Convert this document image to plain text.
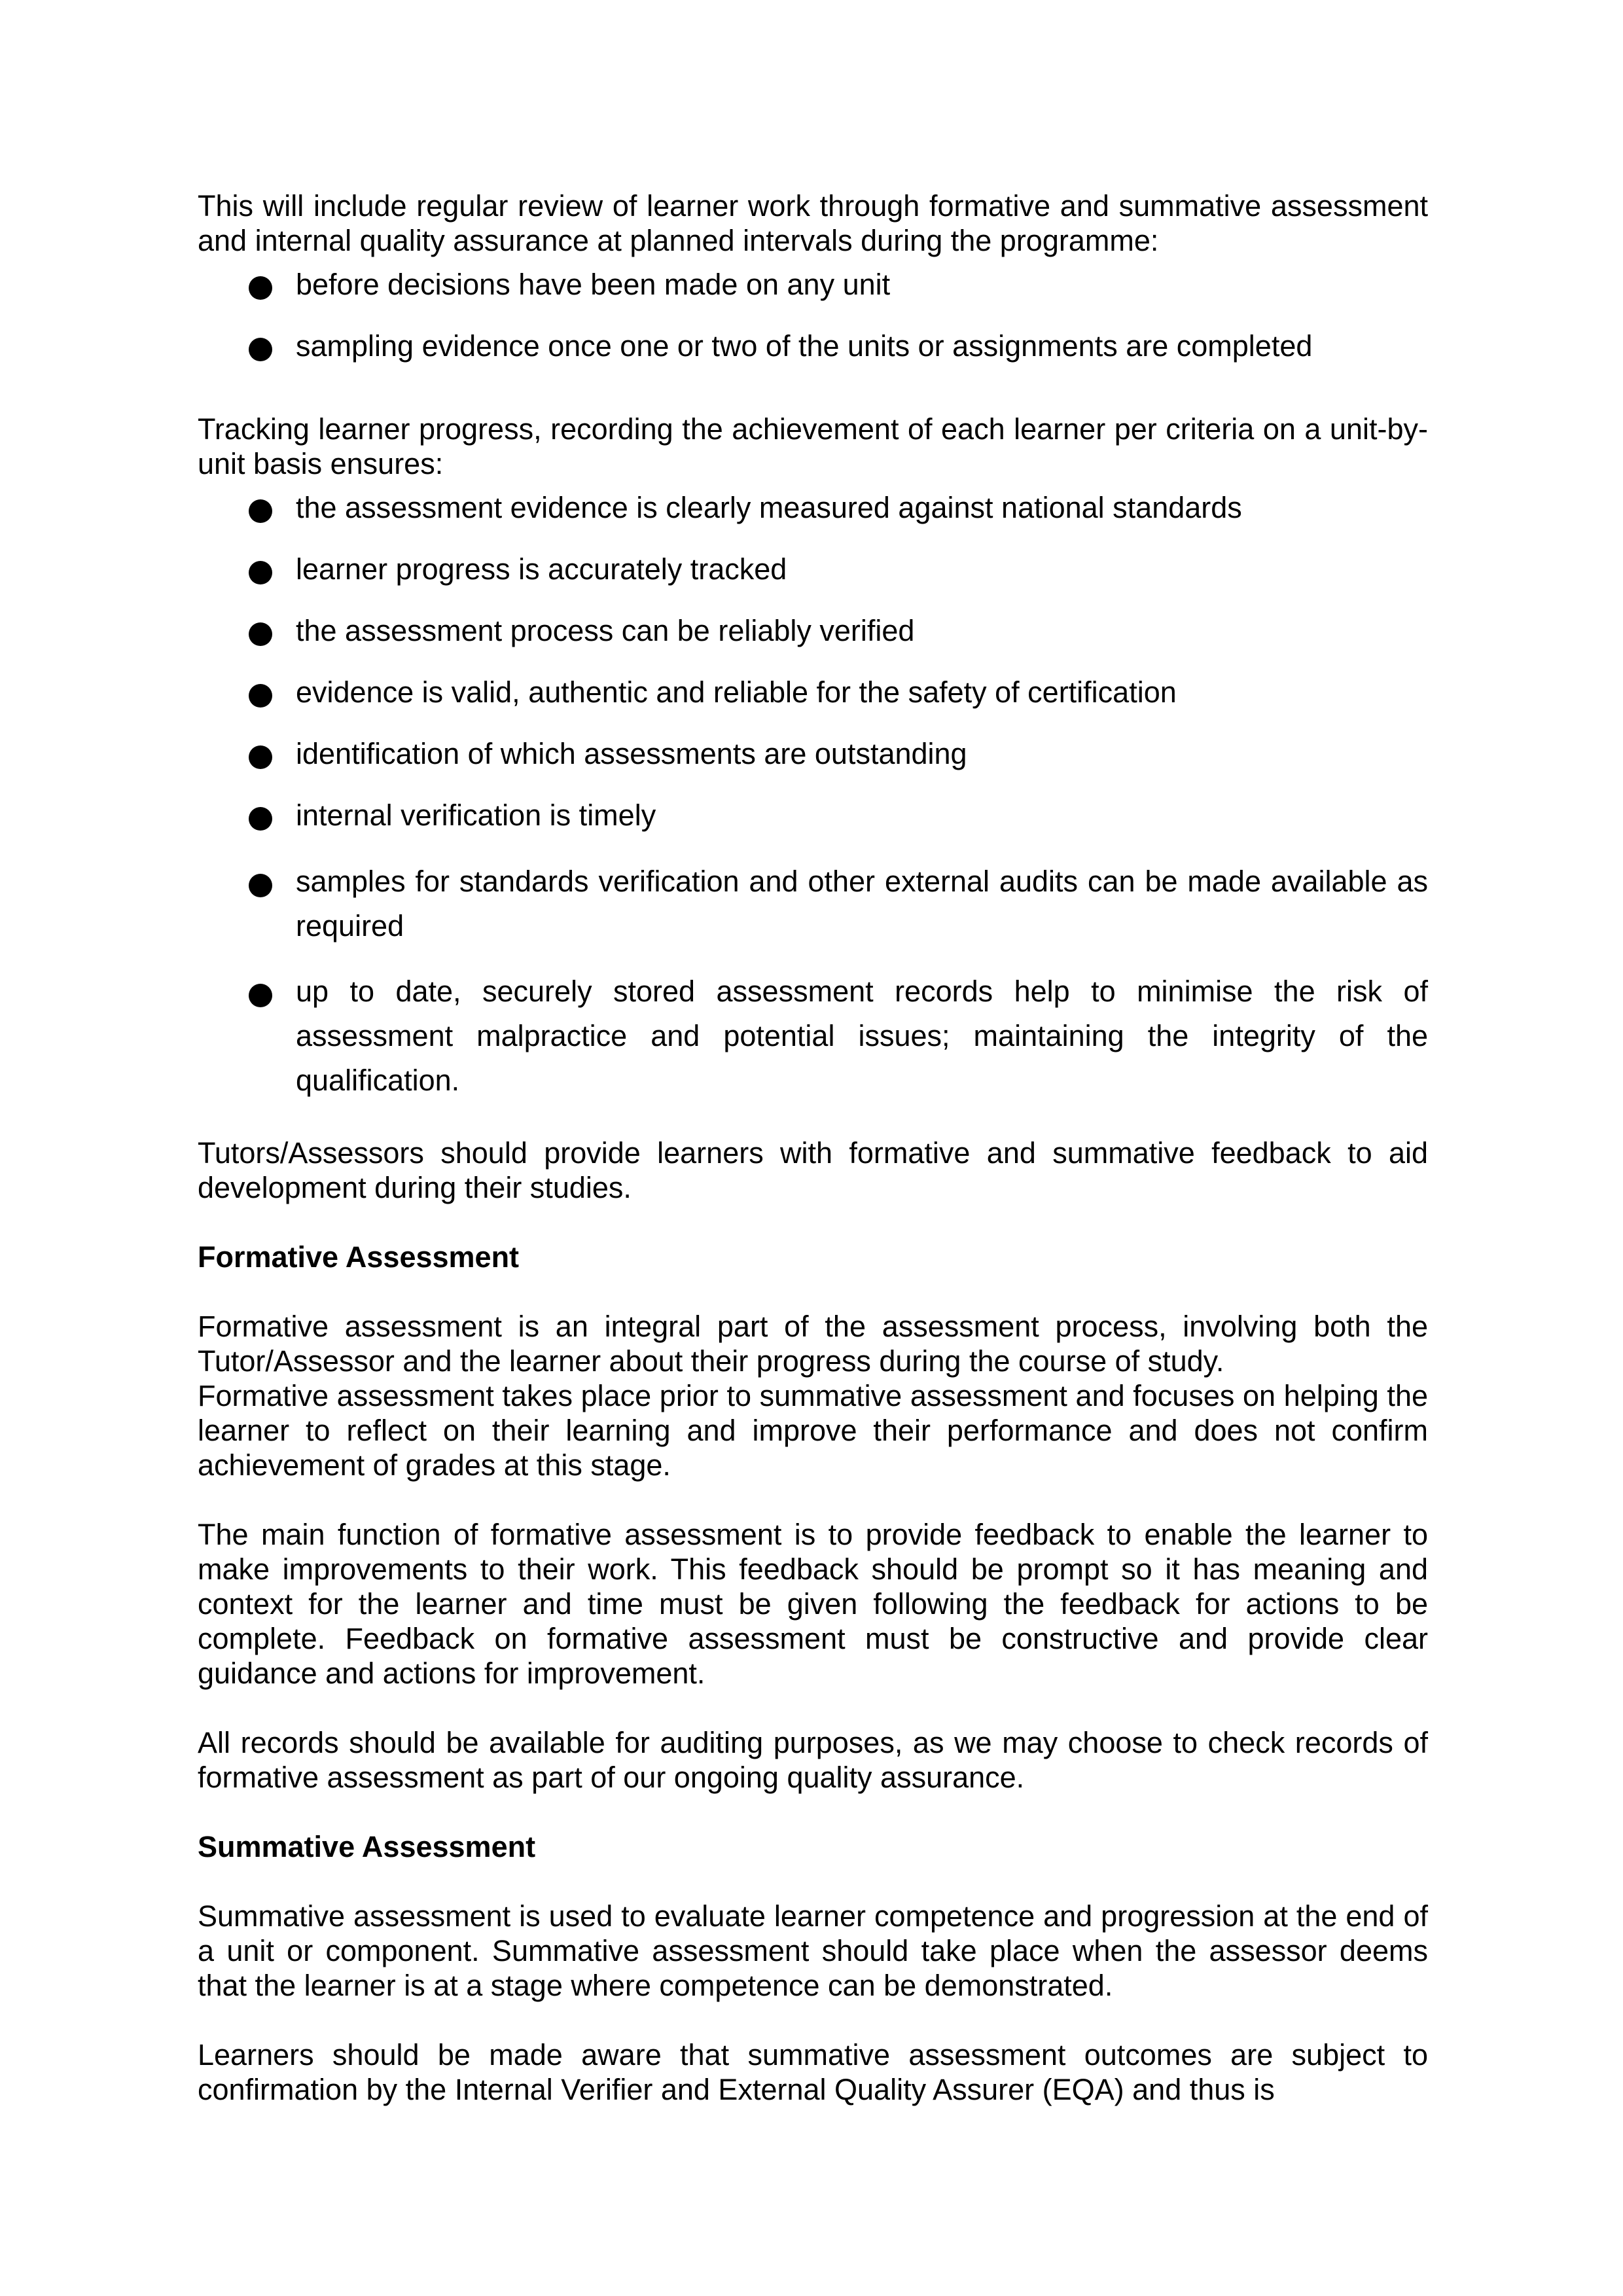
This will include regular review of learner work through formative and summative assessment and internal quality assurance at planned intervals during the programme:

before decisions have been made on any unit
sampling evidence once one or two of the units or assignments are completed

Tracking learner progress, recording the achievement of each learner per criteria on a unit-by-unit basis ensures:

the assessment evidence is clearly measured against national standards
learner progress is accurately tracked
the assessment process can be reliably verified
evidence is valid, authentic and reliable for the safety of certification
identification of which assessments are outstanding
internal verification is timely
samples for standards verification and other external audits can be made available as required
up to date, securely stored assessment records help to minimise the risk of assessment malpractice and potential issues; maintaining the integrity of the qualification.

Tutors/Assessors should provide learners with formative and summative feedback to aid development during their studies.

Formative Assessment

Formative assessment is an integral part of the assessment process, involving both the Tutor/Assessor and the learner about their progress during the course of study.

Formative assessment takes place prior to summative assessment and focuses on helping the learner to reflect on their learning and improve their performance and does not confirm achievement of grades at this stage.

The main function of formative assessment is to provide feedback to enable the learner to make improvements to their work. This feedback should be prompt so it has meaning and context for the learner and time must be given following the feedback for actions to be complete. Feedback on formative assessment must be constructive and provide clear guidance and actions for improvement.

All records should be available for auditing purposes, as we may choose to check records of formative assessment as part of our ongoing quality assurance.

Summative Assessment

Summative assessment is used to evaluate learner competence and progression at the end of a unit or component. Summative assessment should take place when the assessor deems that the learner is at a stage where competence can be demonstrated.

Learners should be made aware that summative assessment outcomes are subject to confirmation by the Internal Verifier and External Quality Assurer (EQA) and thus is
